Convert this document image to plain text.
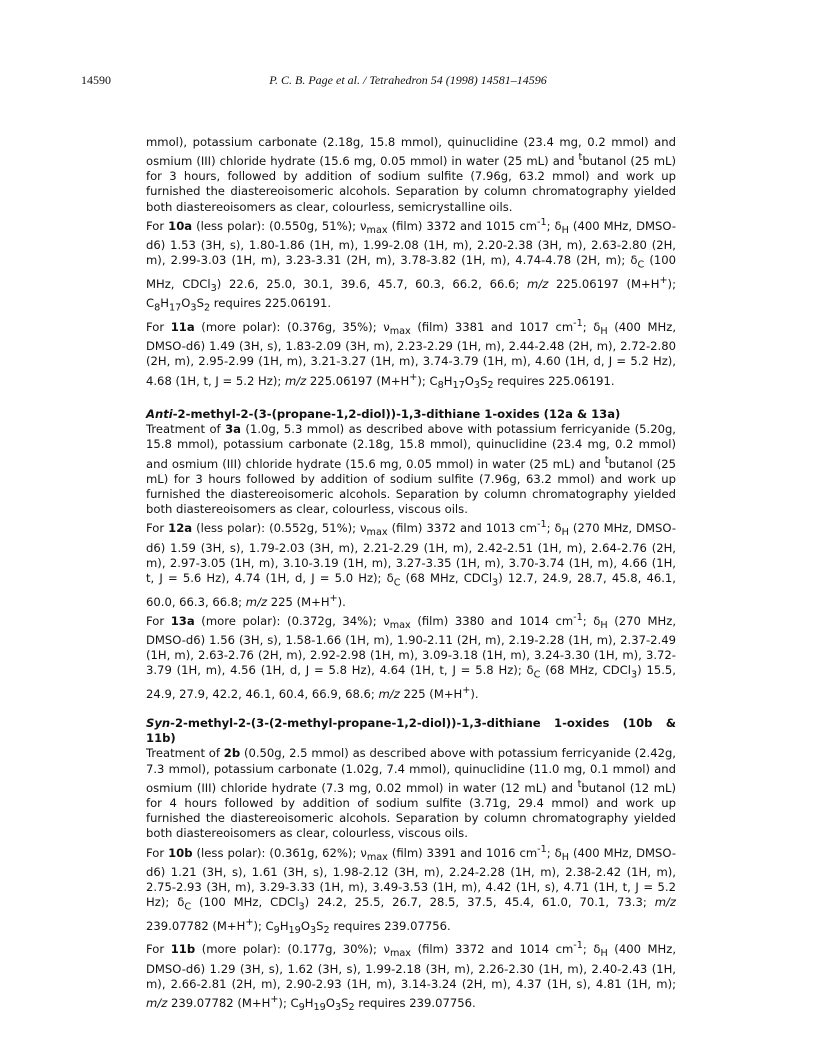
14590	P. C. B. Page et al. / Tetrahedron 54 (1998) 14581–14596

mmol), potassium carbonate (2.18g, 15.8 mmol), quinuclidine (23.4 mg, 0.2 mmol) and osmium (III) chloride hydrate (15.6 mg, 0.05 mmol) in water (25 mL) and $^t$butanol (25 mL) for 3 hours, followed by addition of sodium sulfite (7.96g, 63.2 mmol) and work up furnished the diastereoisomeric alcohols. Separation by column chromatography yielded both diastereoisomers as clear, colourless, semicrystalline oils.

For 10a (less polar): (0.550g, 51%); $\nu_{max}$ (film) 3372 and 1015 $cm^{-1}$; $\delta_H$ (400 MHz, DMSO-d6) 1.53 (3H, s), 1.80-1.86 (1H, m), 1.99-2.08 (1H, m), 2.20-2.38 (3H, m), 2.63-2.80 (2H, m), 2.99-3.03 (1H, m), 3.23-3.31 (2H, m), 3.78-3.82 (1H, m), 4.74-4.78 (2H, m); $\delta_C$ (100 MHz, CDCl$_3$) 22.6, 25.0, 30.1, 39.6, 45.7, 60.3, 66.2, 66.6; m/z 225.06197 (M+H+); $C_8H_{17}O_3S_2$ requires 225.06191.

For 11a (more polar): (0.376g, 35%); $\nu_{max}$ (film) 3381 and 1017 $cm^{-1}$; $\delta_H$ (400 MHz, DMSO-d6) 1.49 (3H, s), 1.83-2.09 (3H, m), 2.23-2.29 (1H, m), 2.44-2.48 (2H, m), 2.72-2.80 (2H, m), 2.95-2.99 (1H, m), 3.21-3.27 (1H, m), 3.74-3.79 (1H, m), 4.60 (1H, d, J = 5.2 Hz), 4.68 (1H, t, J = 5.2 Hz); m/z 225.06197 (M+H+); $C_8H_{17}O_3S_2$ requires 225.06191.

Anti-2-methyl-2-(3-(propane-1,2-diol))-1,3-dithiane 1-oxides (12a & 13a)

Treatment of 3a (1.0g, 5.3 mmol) as described above with potassium ferricyanide (5.20g, 15.8 mmol), potassium carbonate (2.18g, 15.8 mmol), quinuclidine (23.4 mg, 0.2 mmol) and osmium (III) chloride hydrate (15.6 mg, 0.05 mmol) in water (25 mL) and $^t$butanol (25 mL) for 3 hours followed by addition of sodium sulfite (7.96g, 63.2 mmol) and work up furnished the diastereoisomeric alcohols. Separation by column chromatography yielded both diastereoisomers as clear, colourless, viscous oils.

For 12a (less polar): (0.552g, 51%); $\nu_{max}$ (film) 3372 and 1013 $cm^{-1}$; $\delta_H$ (270 MHz, DMSO-d6) 1.59 (3H, s), 1.79-2.03 (3H, m), 2.21-2.29 (1H, m), 2.42-2.51 (1H, m), 2.64-2.76 (2H, m), 2.97-3.05 (1H, m), 3.10-3.19 (1H, m), 3.27-3.35 (1H, m), 3.70-3.74 (1H, m), 4.66 (1H, t, J = 5.6 Hz), 4.74 (1H, d, J = 5.0 Hz); $\delta_C$ (68 MHz, CDCl$_3$) 12.7, 24.9, 28.7, 45.8, 46.1, 60.0, 66.3, 66.8; m/z 225 (M+H+).

For 13a (more polar): (0.372g, 34%); $\nu_{max}$ (film) 3380 and 1014 $cm^{-1}$; $\delta_H$ (270 MHz, DMSO-d6) 1.56 (3H, s), 1.58-1.66 (1H, m), 1.90-2.11 (2H, m), 2.19-2.28 (1H, m), 2.37-2.49 (1H, m), 2.63-2.76 (2H, m), 2.92-2.98 (1H, m), 3.09-3.18 (1H, m), 3.24-3.30 (1H, m), 3.72-3.79 (1H, m), 4.56 (1H, d, J = 5.8 Hz), 4.64 (1H, t, J = 5.8 Hz); $\delta_C$ (68 MHz, CDCl$_3$) 15.5, 24.9, 27.9, 42.2, 46.1, 60.4, 66.9, 68.6; m/z 225 (M+H+).

Syn-2-methyl-2-(3-(2-methyl-propane-1,2-diol))-1,3-dithiane 1-oxides (10b & 11b)

Treatment of 2b (0.50g, 2.5 mmol) as described above with potassium ferricyanide (2.42g, 7.3 mmol), potassium carbonate (1.02g, 7.4 mmol), quinuclidine (11.0 mg, 0.1 mmol) and osmium (III) chloride hydrate (7.3 mg, 0.02 mmol) in water (12 mL) and $^t$butanol (12 mL) for 4 hours followed by addition of sodium sulfite (3.71g, 29.4 mmol) and work up furnished the diastereoisomeric alcohols. Separation by column chromatography yielded both diastereoisomers as clear, colourless, viscous oils.

For 10b (less polar): (0.361g, 62%); $\nu_{max}$ (film) 3391 and 1016 $cm^{-1}$; $\delta_H$ (400 MHz, DMSO-d6) 1.21 (3H, s), 1.61 (3H, s), 1.98-2.12 (3H, m), 2.24-2.28 (1H, m), 2.38-2.42 (1H, m), 2.75-2.93 (3H, m), 3.29-3.33 (1H, m), 3.49-3.53 (1H, m), 4.42 (1H, s), 4.71 (1H, t, J = 5.2 Hz); $\delta_C$ (100 MHz, CDCl$_3$) 24.2, 25.5, 26.7, 28.5, 37.5, 45.4, 61.0, 70.1, 73.3; m/z 239.07782 (M+H+); $C_9H_{19}O_3S_2$ requires 239.07756.

For 11b (more polar): (0.177g, 30%); $\nu_{max}$ (film) 3372 and 1014 $cm^{-1}$; $\delta_H$ (400 MHz, DMSO-d6) 1.29 (3H, s), 1.62 (3H, s), 1.99-2.18 (3H, m), 2.26-2.30 (1H, m), 2.40-2.43 (1H, m), 2.66-2.81 (2H, m), 2.90-2.93 (1H, m), 3.14-3.24 (2H, m), 4.37 (1H, s), 4.81 (1H, m); m/z 239.07782 (M+H+); $C_9H_{19}O_3S_2$ requires 239.07756.
